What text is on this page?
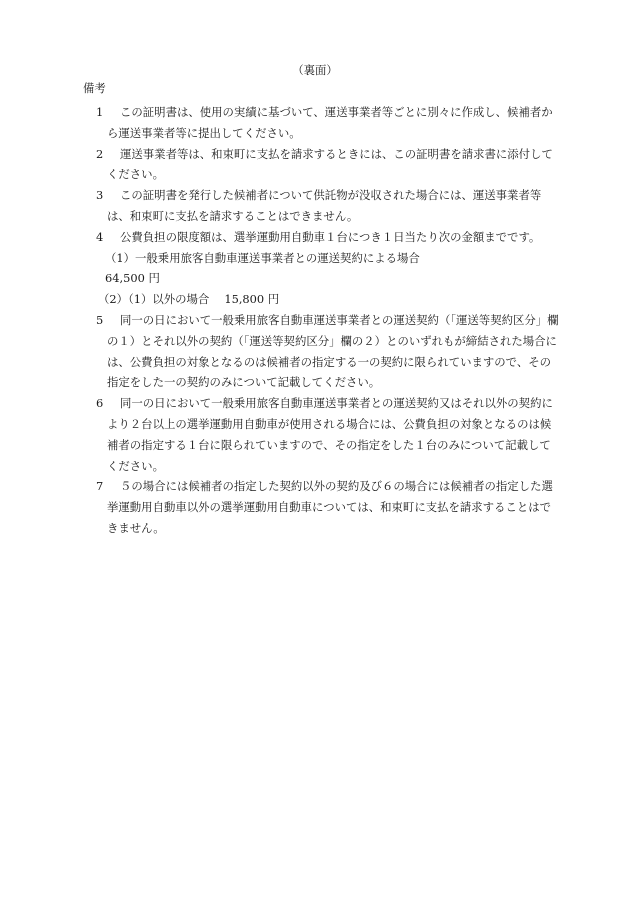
（裏面）
備考
1	この証明書は、使用の実績に基づいて、運送事業者等ごとに別々に作成し、候補者から運送事業者等に提出してください。
2	運送事業者等は、和束町に支払を請求するときには、この証明書を請求書に添付してください。
3	この証明書を発行した候補者について供託物が没収された場合には、運送事業者等は、和束町に支払を請求することはできません。
4	公費負担の限度額は、選挙運動用自動車１台につき１日当たり次の金額までです。
（1）一般乗用旅客自動車運送事業者との運送契約による場合　64,500 円
（2）（1）以外の場合　 15,800 円
5	同一の日において一般乗用旅客自動車運送事業者との運送契約（「運送等契約区分」欄の１）とそれ以外の契約（「運送等契約区分」欄の２）とのいずれもが締結された場合には、公費負担の対象となるのは候補者の指定する一の契約に限られていますので、その指定をした一の契約のみについて記載してください。
6	同一の日において一般乗用旅客自動車運送事業者との運送契約又はそれ以外の契約により２台以上の選挙運動用自動車が使用される場合には、公費負担の対象となるのは候補者の指定する１台に限られていますので、その指定をした１台のみについて記載してください。
7	５の場合には候補者の指定した契約以外の契約及び６の場合には候補者の指定した選挙運動用自動車以外の選挙運動用自動車については、和束町に支払を請求することはできません。
